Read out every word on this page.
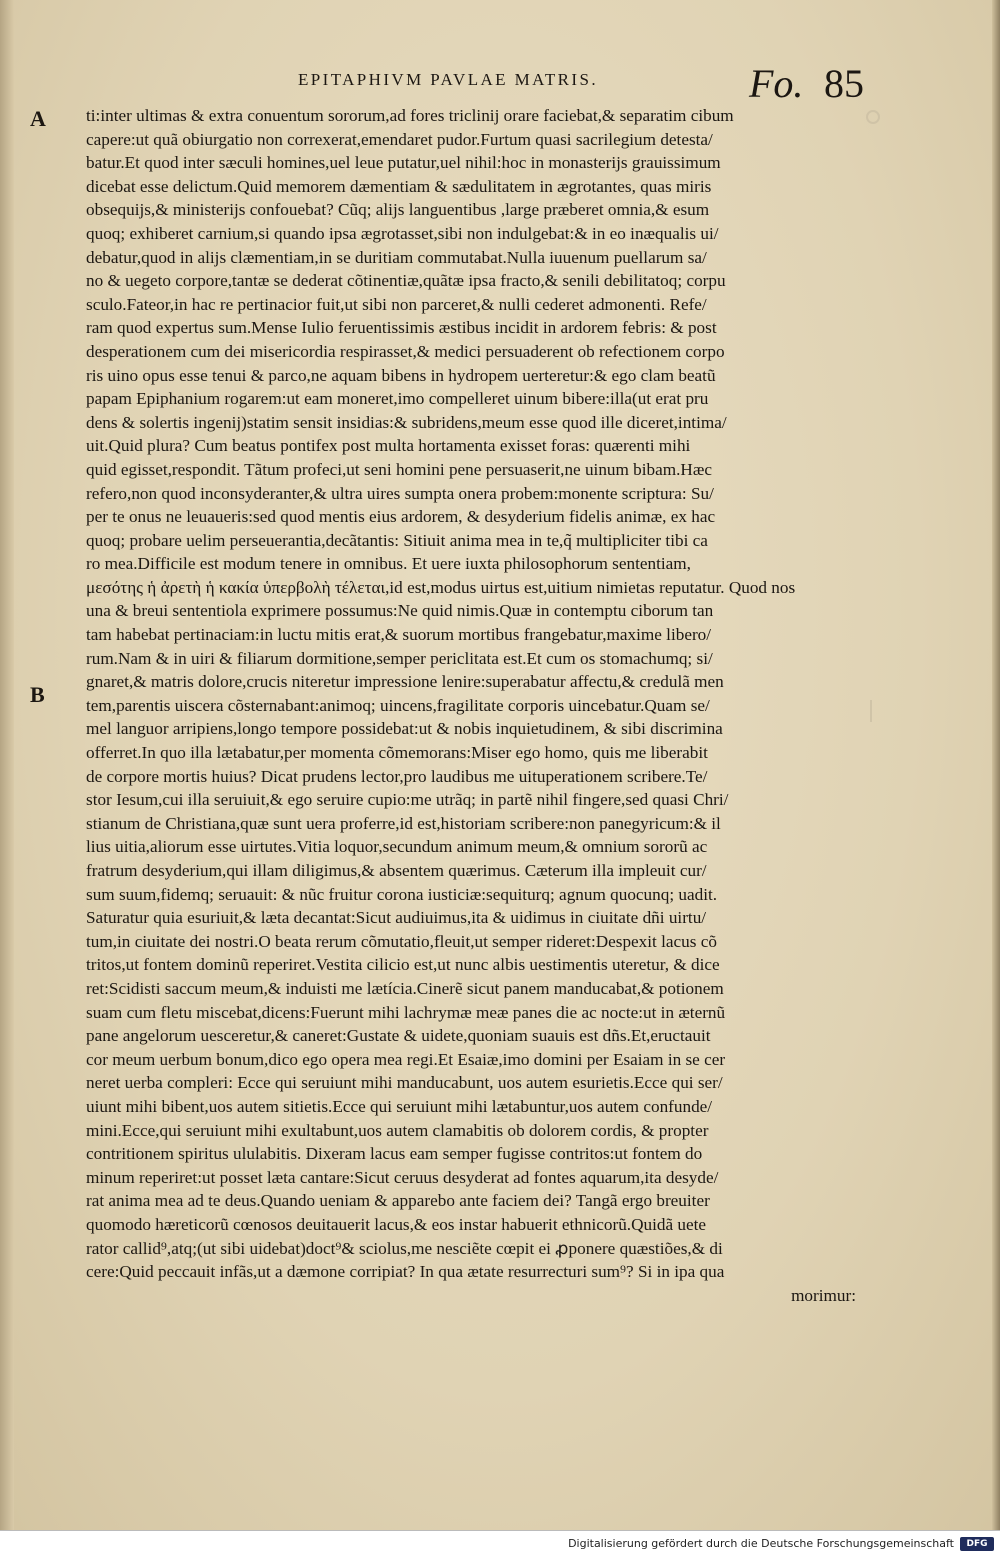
EPITAPHIVM PAVLAE MATRIS.	Fo. 85
A
B
ti:inter ultimas & extra conuentum sororum,ad fores triclinij orare faciebat,& separatim cibum
capere:ut quã obiurgatio non correxerat,emendaret pudor.Furtum quasi sacrilegium detesta/
batur.Et quod inter sæculi homines,uel leue putatur,uel nihil:hoc in monasterijs grauissimum
dicebat esse delictum.Quid memorem dæmentiam & sædulitatem in ægrotantes, quas miris
obsequijs,& ministerijs confouebat? Cũq; alijs languentibus ,large præberet omnia,& esum
quoq; exhiberet carnium,si quando ipsa ægrotasset,sibi non indulgebat:& in eo inæqualis ui/
debatur,quod in alijs clæmentiam,in se duritiam commutabat.Nulla iuuenum puellarum sa/
no & uegeto corpore,tantæ se dederat cõtinentiæ,quãtæ ipsa fracto,& senili debilitatoq; corpu
sculo.Fateor,in hac re pertinacior fuit,ut sibi non parceret,& nulli cederet admonenti. Refe/
ram quod expertus sum.Mense Iulio feruentissimis æstibus incidit in ardorem febris: & post
desperationem cum dei misericordia respirasset,& medici persuaderent ob refectionem corpo
ris uino opus esse tenui & parco,ne aquam bibens in hydropem uerteretur:& ego clam beatũ
papam Epiphanium rogarem:ut eam moneret,imo compelleret uinum bibere:illa(ut erat pru
dens & solertis ingenij)statim sensit insidias:& subridens,meum esse quod ille diceret,intima/
uit.Quid plura? Cum beatus pontifex post multa hortamenta exisset foras: quærenti mihi
quid egisset,respondit. Tãtum profeci,ut seni homini pene persuaserit,ne uinum bibam.Hæc
refero,non quod inconsyderanter,& ultra uires sumpta onera probem:monente scriptura: Su/
per te onus ne leuaueris:sed quod mentis eius ardorem, & desyderium fidelis animæ, ex hac
quoq; probare uelim perseuerantia,decãtantis: Sitiuit anima mea in te,q̃ multipliciter tibi ca
ro mea.Difficile est modum tenere in omnibus. Et uere iuxta philosophorum sententiam,
μεσότης ἡ ἀρετὴ ἡ κακία ὑπερβολὴ τέλεται,id est,modus uirtus est,uitium nimietas reputatur. Quod nos
una & breui sententiola exprimere possumus:Ne quid nimis.Quæ in contemptu ciborum tan
tam habebat pertinaciam:in luctu mitis erat,& suorum mortibus frangebatur,maxime libero/
rum.Nam & in uiri & filiarum dormitione,semper periclitata est.Et cum os stomachumq; si/
gnaret,& matris dolore,crucis niteretur impressione lenire:superabatur affectu,& credulã men
tem,parentis uiscera cõsternabant:animoq; uincens,fragilitate corporis uincebatur.Quam se/
mel languor arripiens,longo tempore possidebat:ut & nobis inquietudinem, & sibi discrimina
offerret.In quo illa lætabatur,per momenta cõmemorans:Miser ego homo, quis me liberabit
de corpore mortis huius? Dicat prudens lector,pro laudibus me uituperationem scribere.Te/
stor Iesum,cui illa seruiuit,& ego seruire cupio:me utrãq; in partẽ nihil fingere,sed quasi Chri/
stianum de Christiana,quæ sunt uera proferre,id est,historiam scribere:non panegyricum:& il
lius uitia,aliorum esse uirtutes.Vitia loquor,secundum animum meum,& omnium sororũ ac
fratrum desyderium,qui illam diligimus,& absentem quærimus. Cæterum illa impleuit cur/
sum suum,fidemq; seruauit: & nũc fruitur corona iusticiæ:sequiturq; agnum quocunq; uadit.
Saturatur quia esuriuit,& læta decantat:Sicut audiuimus,ita & uidimus in ciuitate dñi uirtu/
tum,in ciuitate dei nostri.O beata rerum cõmutatio,fleuit,ut semper rideret:Despexit lacus cõ
tritos,ut fontem dominũ reperiret.Vestita cilicio est,ut nunc albis uestimentis uteretur, & dice
ret:Scidisti saccum meum,& induisti me lætícia.Cinerẽ sicut panem manducabat,& potionem
suam cum fletu miscebat,dicens:Fuerunt mihi lachrymæ meæ panes die ac nocte:ut in æternũ
pane angelorum uesceretur,& caneret:Gustate & uidete,quoniam suauis est dñs.Et,eructauit
cor meum uerbum bonum,dico ego opera mea regi.Et Esaiæ,imo domini per Esaiam in se cer
neret uerba compleri: Ecce qui seruiunt mihi manducabunt, uos autem esurietis.Ecce qui ser/
uiunt mihi bibent,uos autem sitietis.Ecce qui seruiunt mihi lætabuntur,uos autem confunde/
mini.Ecce,qui seruiunt mihi exultabunt,uos autem clamabitis ob dolorem cordis, & propter
contritionem spiritus ululabitis. Dixeram lacus eam semper fugisse contritos:ut fontem do
minum reperiret:ut posset læta cantare:Sicut ceruus desyderat ad fontes aquarum,ita desyde/
rat anima mea ad te deus.Quando ueniam & apparebo ante faciem dei? Tangã ergo breuiter
quomodo hæreticorũ cœnosos deuitauerit lacus,& eos instar habuerit ethnicorũ.Quidã uete
rator callid⁹,atq;(ut sibi uidebat)doct⁹& sciolus,me nesciẽte cœpit ei ꝓponere quæstiões,& di
cere:Quid peccauit infãs,ut a dæmone corripiat? In qua ætate resurrecturi sum⁹? Si in ipa qua
morimur:
Digitalisierung gefördert durch die Deutsche Forschungsgemeinschaft	DFG
